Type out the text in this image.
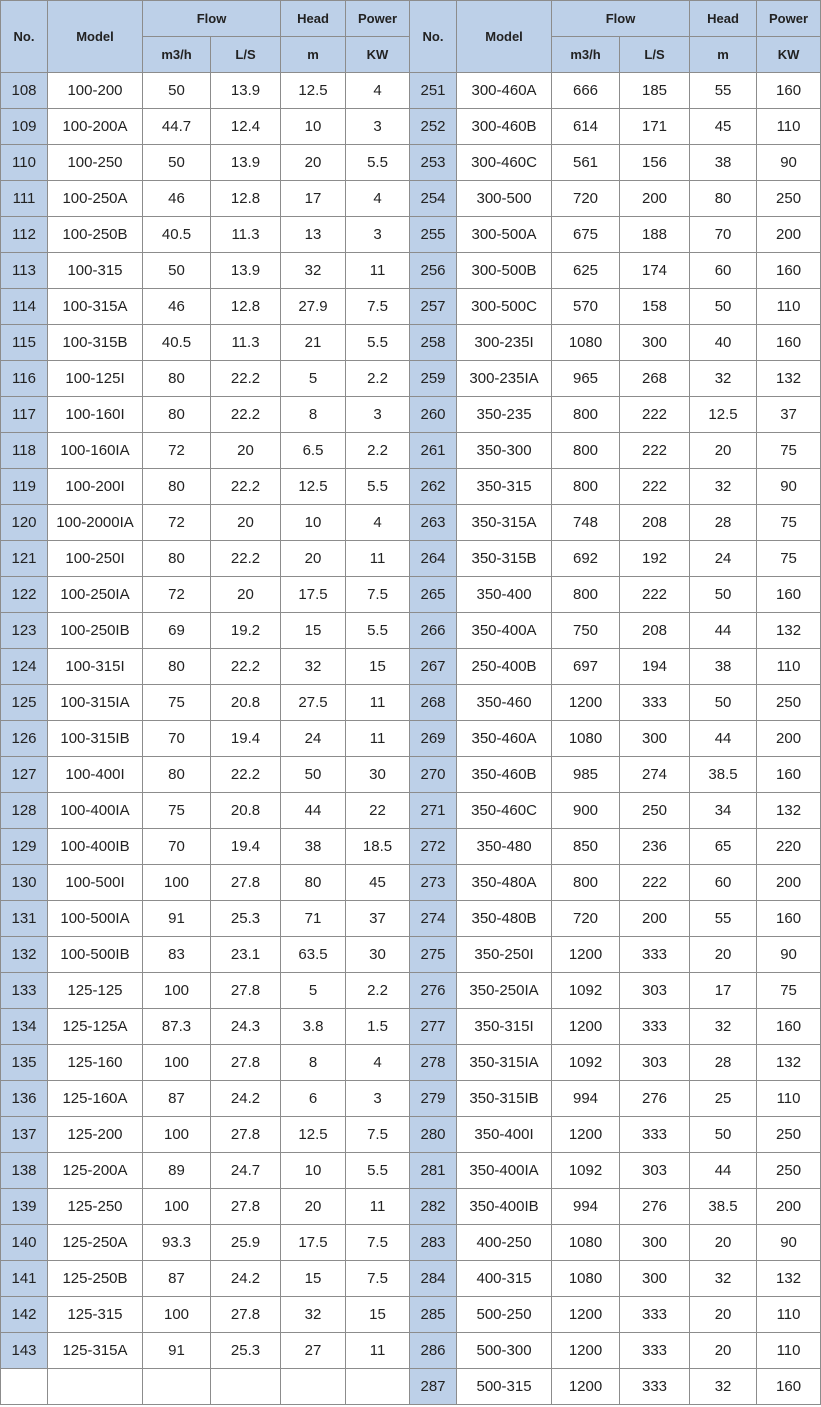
No.	Model	Flow		Head	Power	No.	Model	Flow		Head	Power
		m3/h	L/S	m	KW			m3/h	L/S	m	KW
108	100-200	50	13.9	12.5	4	251	300-460A	666	185	55	160
109	100-200A	44.7	12.4	10	3	252	300-460B	614	171	45	110
110	100-250	50	13.9	20	5.5	253	300-460C	561	156	38	90
111	100-250A	46	12.8	17	4	254	300-500	720	200	80	250
112	100-250B	40.5	11.3	13	3	255	300-500A	675	188	70	200
113	100-315	50	13.9	32	11	256	300-500B	625	174	60	160
114	100-315A	46	12.8	27.9	7.5	257	300-500C	570	158	50	110
115	100-315B	40.5	11.3	21	5.5	258	300-235I	1080	300	40	160
116	100-125I	80	22.2	5	2.2	259	300-235IA	965	268	32	132
117	100-160I	80	22.2	8	3	260	350-235	800	222	12.5	37
118	100-160IA	72	20	6.5	2.2	261	350-300	800	222	20	75
119	100-200I	80	22.2	12.5	5.5	262	350-315	800	222	32	90
120	100-2000IA	72	20	10	4	263	350-315A	748	208	28	75
121	100-250I	80	22.2	20	11	264	350-315B	692	192	24	75
122	100-250IA	72	20	17.5	7.5	265	350-400	800	222	50	160
123	100-250IB	69	19.2	15	5.5	266	350-400A	750	208	44	132
124	100-315I	80	22.2	32	15	267	250-400B	697	194	38	110
125	100-315IA	75	20.8	27.5	11	268	350-460	1200	333	50	250
126	100-315IB	70	19.4	24	11	269	350-460A	1080	300	44	200
127	100-400I	80	22.2	50	30	270	350-460B	985	274	38.5	160
128	100-400IA	75	20.8	44	22	271	350-460C	900	250	34	132
129	100-400IB	70	19.4	38	18.5	272	350-480	850	236	65	220
130	100-500I	100	27.8	80	45	273	350-480A	800	222	60	200
131	100-500IA	91	25.3	71	37	274	350-480B	720	200	55	160
132	100-500IB	83	23.1	63.5	30	275	350-250I	1200	333	20	90
133	125-125	100	27.8	5	2.2	276	350-250IA	1092	303	17	75
134	125-125A	87.3	24.3	3.8	1.5	277	350-315I	1200	333	32	160
135	125-160	100	27.8	8	4	278	350-315IA	1092	303	28	132
136	125-160A	87	24.2	6	3	279	350-315IB	994	276	25	110
137	125-200	100	27.8	12.5	7.5	280	350-400I	1200	333	50	250
138	125-200A	89	24.7	10	5.5	281	350-400IA	1092	303	44	250
139	125-250	100	27.8	20	11	282	350-400IB	994	276	38.5	200
140	125-250A	93.3	25.9	17.5	7.5	283	400-250	1080	300	20	90
141	125-250B	87	24.2	15	7.5	284	400-315	1080	300	32	132
142	125-315	100	27.8	32	15	285	500-250	1200	333	20	110
143	125-315A	91	25.3	27	11	286	500-300	1200	333	20	110
						287	500-315	1200	333	32	160
